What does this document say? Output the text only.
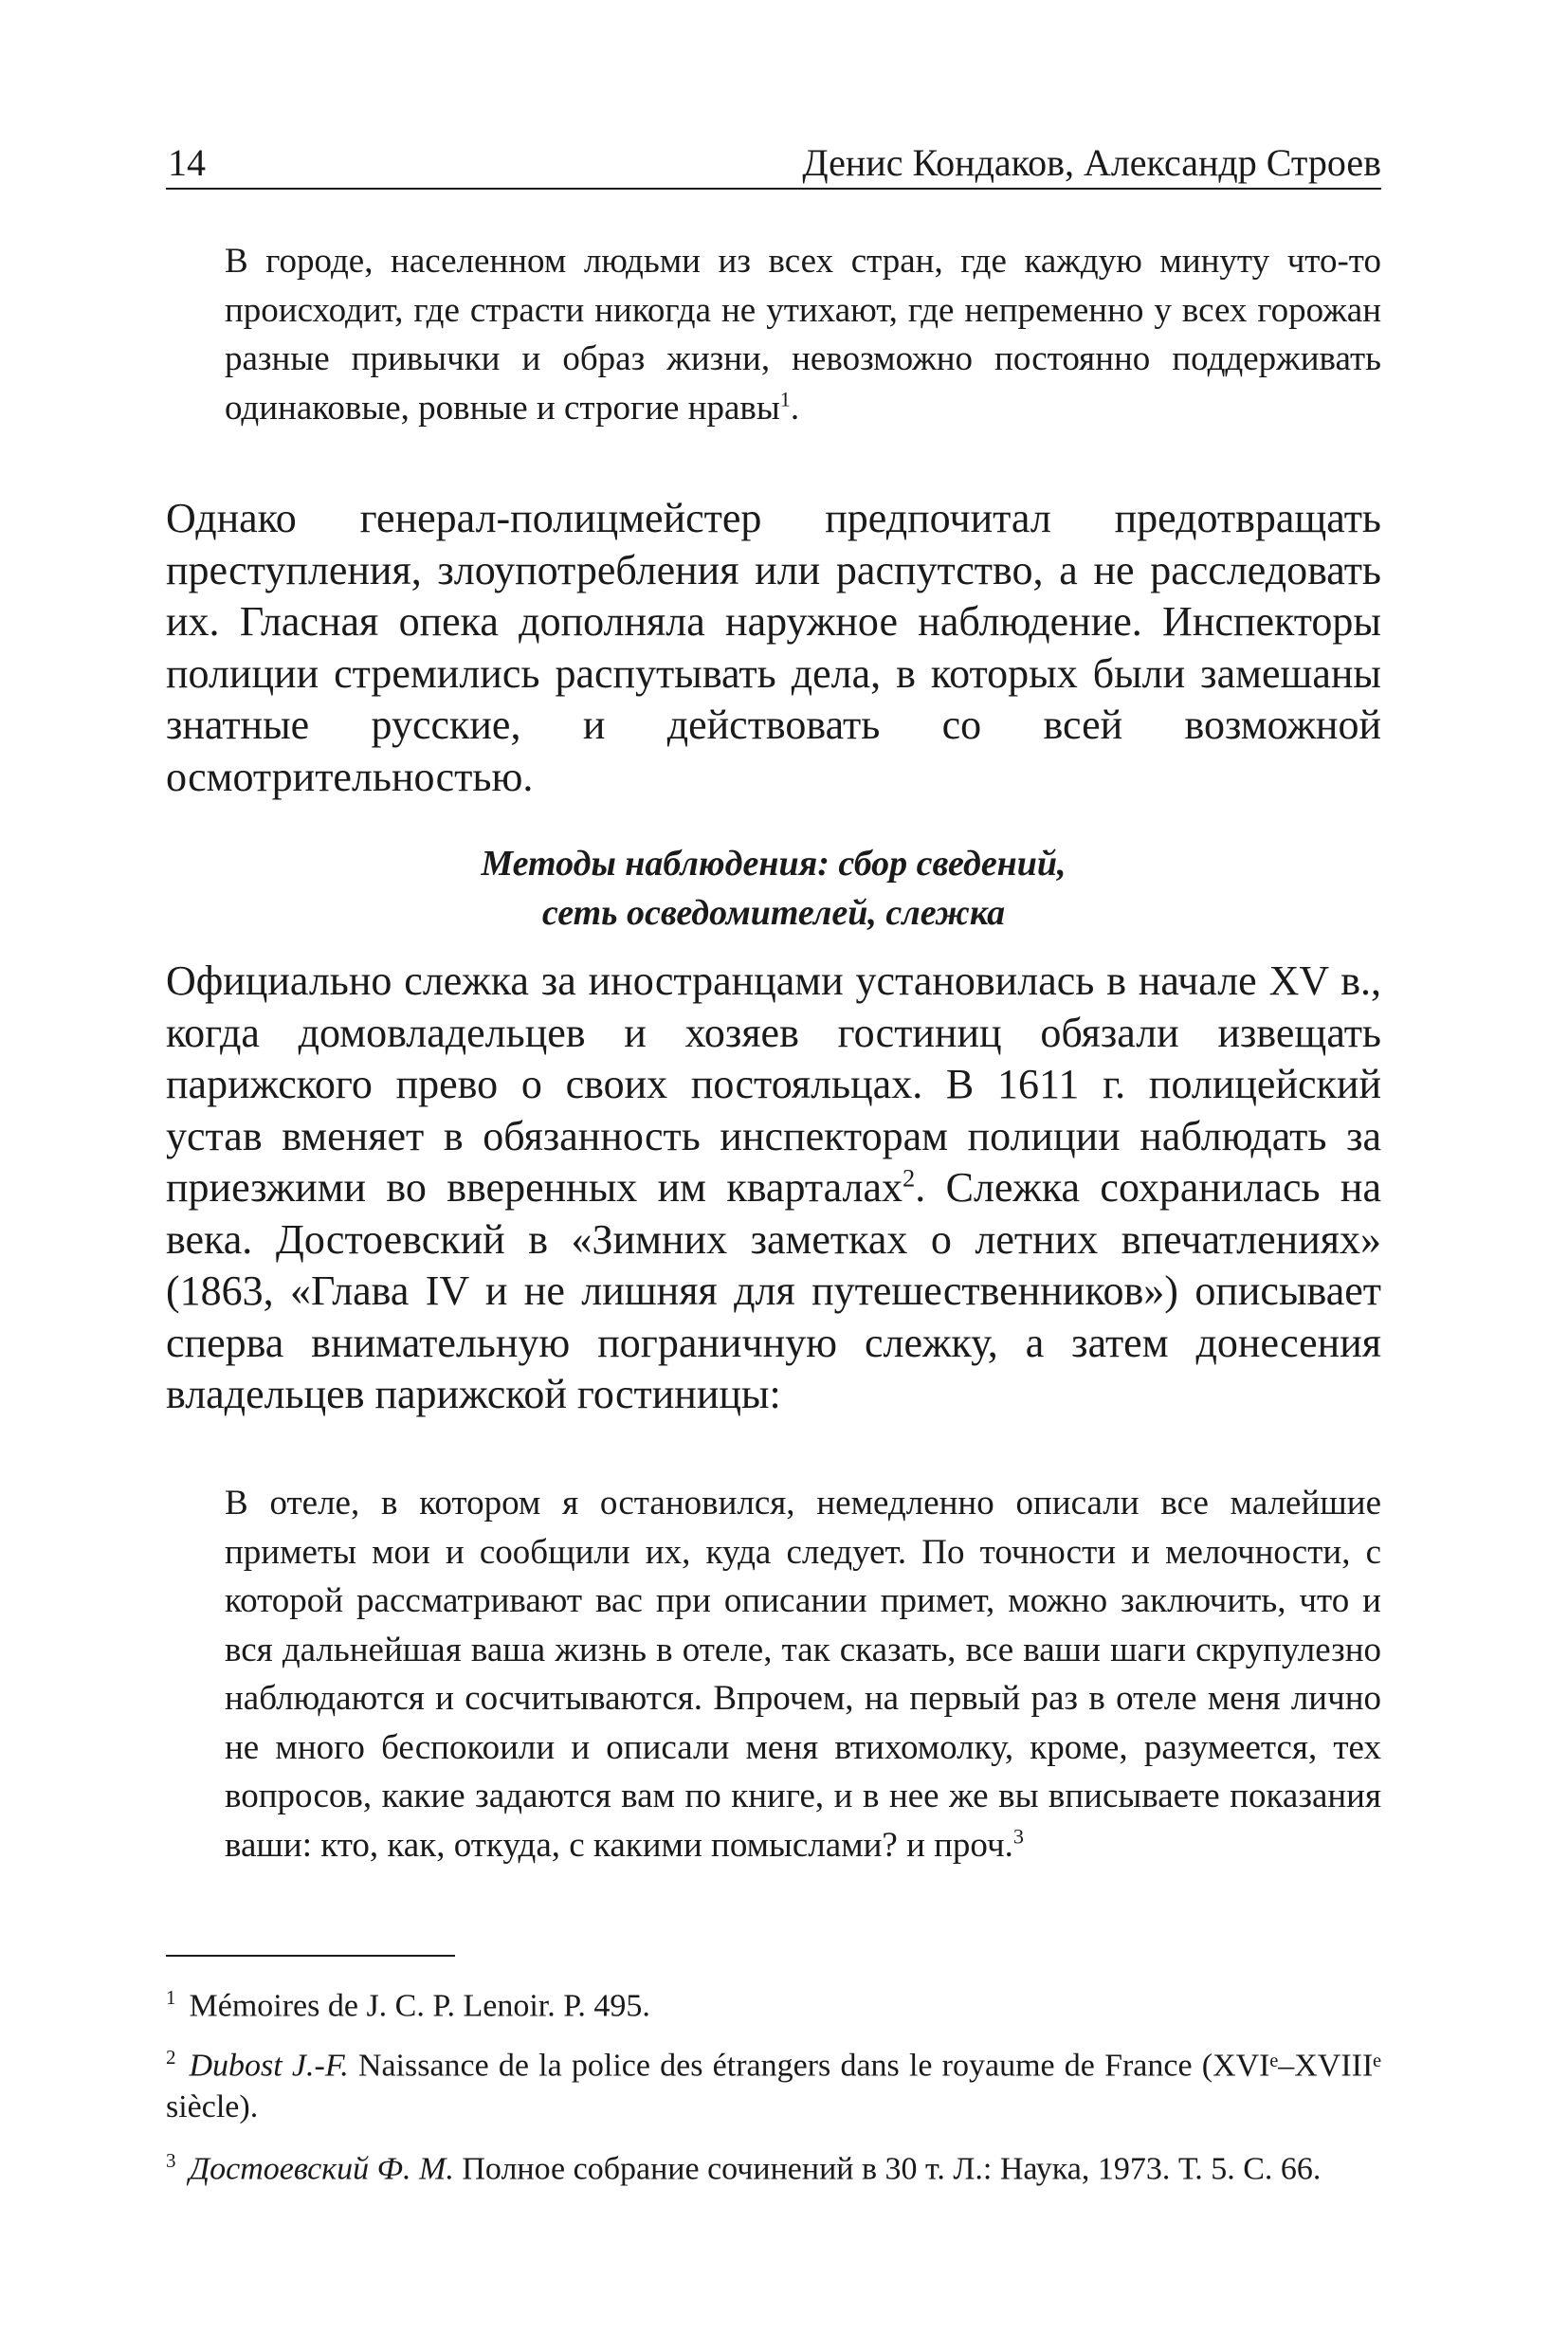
14	Денис Кондаков, Александр Строев
В городе, населенном людьми из всех стран, где каждую минуту что-то происходит, где страсти никогда не утихают, где непременно у всех горожан разные привычки и образ жизни, невозможно постоянно поддерживать одинаковые, ровные и строгие нравы$^1$.
Однако генерал-полицмейстер предпочитал предотвращать преступления, злоупотребления или распутство, а не расследовать их. Гласная опека дополняла наружное наблюдение. Инспекторы полиции стремились распутывать дела, в которых были замешаны знатные русские, и действовать со всей возможной осмотрительностью.
Методы наблюдения: сбор сведений,
сеть осведомителей, слежка
Официально слежка за иностранцами установилась в начале XV в., когда домовладельцев и хозяев гостиниц обязали извещать парижского прево о своих постояльцах. В 1611 г. полицейский устав вменяет в обязанность инспекторам полиции наблюдать за приезжими во вверенных им кварталах$^2$. Слежка сохранилась на века. Достоевский в «Зимних заметках о летних впечатлениях» (1863, «Глава IV и не лишняя для путешественников») описывает сперва внимательную пограничную слежку, а затем донесения владельцев парижской гостиницы:
В отеле, в котором я остановился, немедленно описали все малейшие приметы мои и сообщили их, куда следует. По точности и мелочности, с которой рассматривают вас при описании примет, можно заключить, что и вся дальнейшая ваша жизнь в отеле, так сказать, все ваши шаги скрупулезно наблюдаются и сосчитываются. Впрочем, на первый раз в отеле меня лично не много беспокоили и описали меня втихомолку, кроме, разумеется, тех вопросов, какие задаются вам по книге, и в нее же вы вписываете показания ваши: кто, как, откуда, с какими помыслами? и проч.$^3$
$^1$ Mémoires de J. C. P. Lenoir. P. 495.
$^2$ Dubost J.-F. Naissance de la police des étrangers dans le royaume de France (XVIᵉ–XVIIIᵉ siècle).
$^3$ Достоевский Ф. М. Полное собрание сочинений в 30 т. Л.: Наука, 1973. Т. 5. С. 66.
